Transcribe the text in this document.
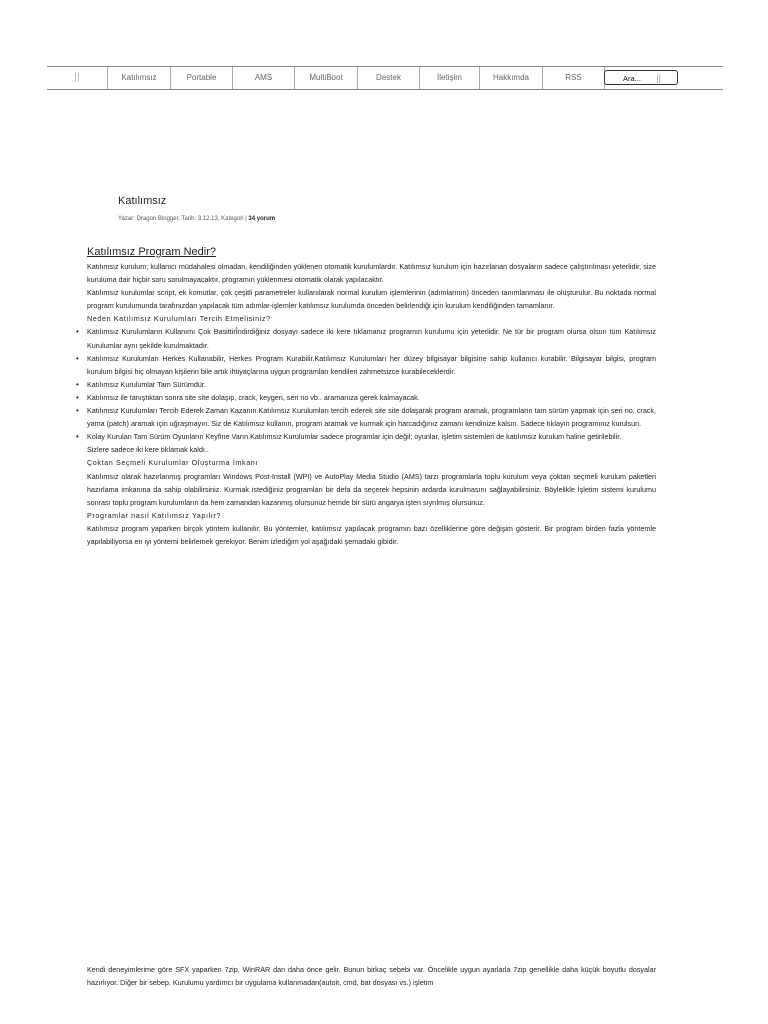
||	Katılımsız	Portable	AMS	MultiBoot	Destek	İletişim	Hakkımda	RSS	Ara... ||
Katılımsız
Yazar: Dragon Blogger, Tarih: 3.12.13, Kategori | 34 yorum
Katılımsız Program Nedir?

Katılımsız kurulum; kullanıcı müdahalesi olmadan, kendiliğinden yüklenen otomatik kurulumlardır. Katılımsız kurulum için hazırlanan dosyaların sadece çalıştırılması yeterlidir, size kuruluma dair hiçbir soru sorulmayacaktır, programın yüklenmesi otomatik olarak yapılacaktır.

Katılımsız kurulumlar script, ek komutlar, çok çeşitli parametreler kullanılarak normal kurulum işlemlerinin (adımlarının) önceden tanımlanması ile oluşturulur. Bu noktada normal program kurulumunda tarafınızdan yapılacak tüm adımlar-işlemler katılımsız kurulumda önceden belirlendiği için kurulum kendiliğinden tamamlanır.

Neden Katılımsız Kurulumları Tercih Etmelisiniz?

• Katılımsız Kurulumların Kullanımı Çok BasittirÎndirdiğiniz dosyayı sadece iki kere tıklamanız programın kurulumu için yeterlidir. Ne tür bir program olursa olsun tüm Katılımsız Kurulumlar aynı şekilde kurulmaktadır.
• Katılımsız Kurulumları Herkes Kullanabilir, Herkes Program Kurabilir.Katılımsız Kurulumları her düzey bilgisayar bilgisine sahip kullanıcı kurabilir. Bilgisayar bilgisi, program kurulum bilgisi hiç olmayan kişilerin bile artık ihtiyaçlarına uygun programları kendileri zahmetsizce kurabileceklerdir.
• Katılımsız Kurulumlar Tam Sürümdür.
• Katılımsız ile tanıştıktan sonra site site dolaşıp, crack, keygen, seri no vb.. aramanıza gerek kalmayacak.
• Katılımsız Kurulumları Tercih Ederek Zaman Kazanın.Katılımsız Kurulumları tercih ederek site site dolaşarak program aramak, programların tam sürüm yapmak için seri no, crack, yama (patch) aramak için uğraşmayın. Siz de Katılımsız kullanın, program aramak ve kurmak için harcadığınız zamanı kendinize kalsın. Sadece tıklayın programınız kurulsun.
• Kolay Kurulan Tam Sürüm Oyunların Keyfine Varın.Katılımsız Kurulumlar sadece programlar için değil; oyunlar, işletim sistemleri de katılımsız kurulum haline getirilebilir.

Sizlere sadece iki kere tıklamak kaldı..

Çoktan Seçmeli Kurulumlar Oluşturma İmkanı

Katılımsız olarak hazırlanmış programları Windows Post-Install (WPI) ve AutoPlay Media Studio (AMS) tarzı programlarla toplu kurulum veya çoktan seçmeli kurulum paketleri hazırlama imkanına da sahip olabilirsiniz. Kurmak istediğiniz programları bir defa da seçerek hepsinin ardarda kurulmasını sağlayabilirsiniz. Böylelikle İşletim sistemi kurulumu sonrası toplu program kurulumların da hem zamandan kazanmış olursunuz hemde bir sürü angarya işten sıyrılmış olursunuz.

Programlar nasıl Katılımsız Yapılır?

Katılımsız program yaparken birçok yöntem kullanılır. Bu yöntemler, katılımsız yapılacak programın bazı özelliklerine göre değişim gösterir. Bir program birden fazla yöntemle yapılabiliyorsa en iyi yöntemi belirlemek gerekiyor. Benim izlediğim yol aşağıdaki şemadaki gibidir.

Kendi deneyimlerime göre SFX yaparken 7zip, WinRAR dan daha önce gelir. Bunun birkaç sebebi var. Öncelikle uygun ayarlarla 7zip genellikle daha küçük boyutlu dosyalar hazırlıyor. Diğer bir sebep, Kurulumu yardımcı bir uygulama kullanmadan(autoit, cmd, bat dosyası vs.) işletim
